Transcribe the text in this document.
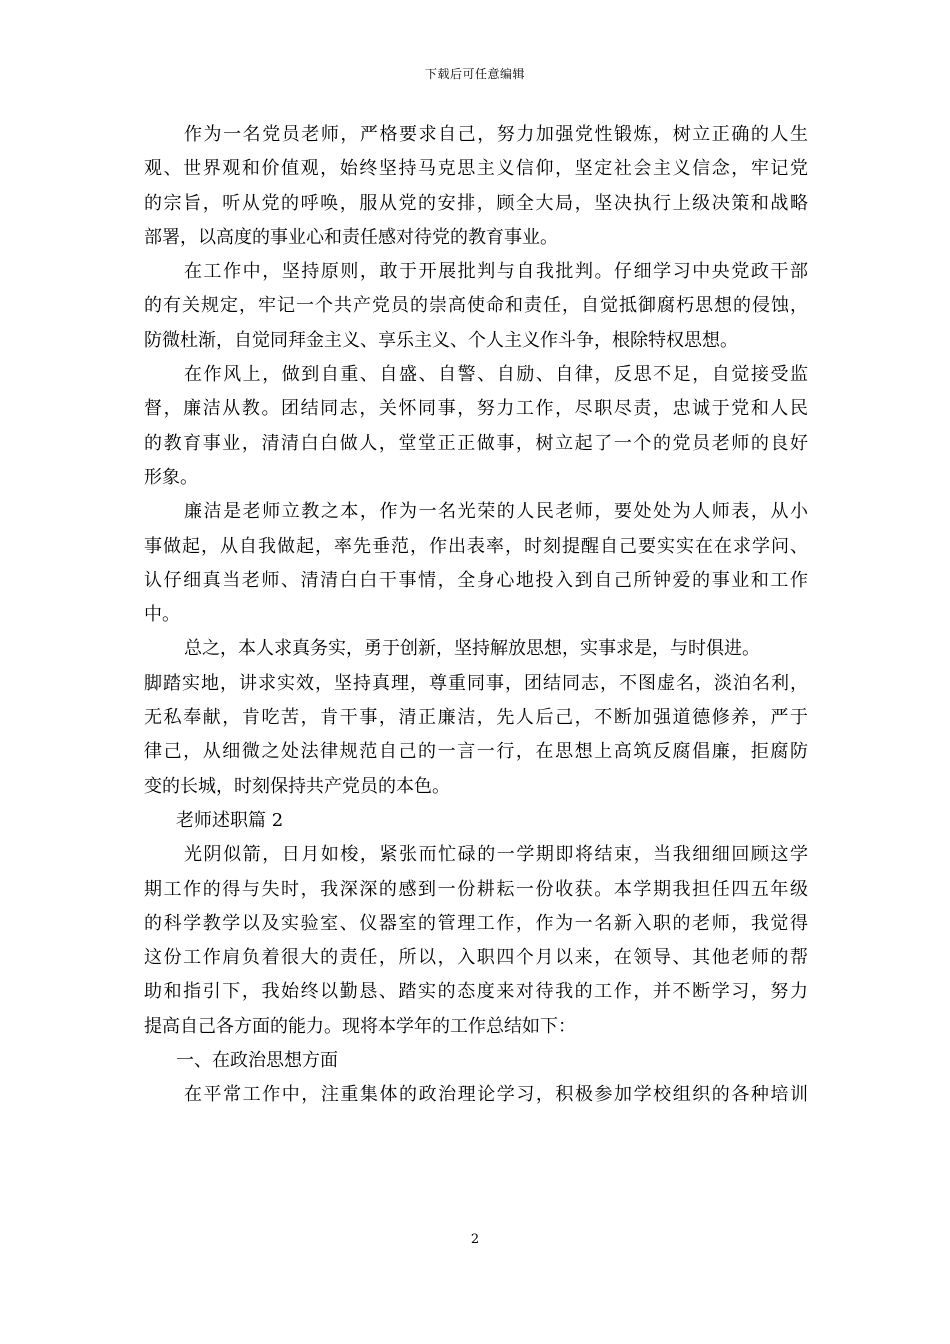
下载后可任意编辑
作为一名党员老师，严格要求自己，努力加强党性锻炼，树立正确的人生
观、世界观和价值观，始终坚持马克思主义信仰，坚定社会主义信念，牢记党
的宗旨，听从党的呼唤，服从党的安排，顾全大局，坚决执行上级决策和战略
部署，以高度的事业心和责任感对待党的教育事业。
在工作中，坚持原则，敢于开展批判与自我批判。仔细学习中央党政干部
的有关规定，牢记一个共产党员的崇高使命和责任，自觉抵御腐朽思想的侵蚀，
防微杜渐，自觉同拜金主义、享乐主义、个人主义作斗争，根除特权思想。
在作风上，做到自重、自盛、自警、自励、自律，反思不足，自觉接受监
督，廉洁从教。团结同志，关怀同事，努力工作，尽职尽责，忠诚于党和人民
的教育事业，清清白白做人，堂堂正正做事，树立起了一个的党员老师的良好
形象。
廉洁是老师立教之本，作为一名光荣的人民老师，要处处为人师表，从小
事做起，从自我做起，率先垂范，作出表率，时刻提醒自己要实实在在求学问、
认仔细真当老师、清清白白干事情，全身心地投入到自己所钟爱的事业和工作
中。
总之，本人求真务实，勇于创新，坚持解放思想，实事求是，与时俱进。
脚踏实地，讲求实效，坚持真理，尊重同事，团结同志，不图虚名，淡泊名利，
无私奉献，肯吃苦，肯干事，清正廉洁，先人后己，不断加强道德修养，严于
律己，从细微之处法律规范自己的一言一行，在思想上高筑反腐倡廉，拒腐防
变的长城，时刻保持共产党员的本色。
老师述职篇 2
光阴似箭，日月如梭，紧张而忙碌的一学期即将结束，当我细细回顾这学
期工作的得与失时，我深深的感到一份耕耘一份收获。本学期我担任四五年级
的科学教学以及实验室、仪器室的管理工作，作为一名新入职的老师，我觉得
这份工作肩负着很大的责任，所以，入职四个月以来，在领导、其他老师的帮
助和指引下，我始终以勤恳、踏实的态度来对待我的工作，并不断学习，努力
提高自己各方面的能力。现将本学年的工作总结如下：
一、在政治思想方面
在平常工作中，注重集体的政治理论学习，积极参加学校组织的各种培训
2
